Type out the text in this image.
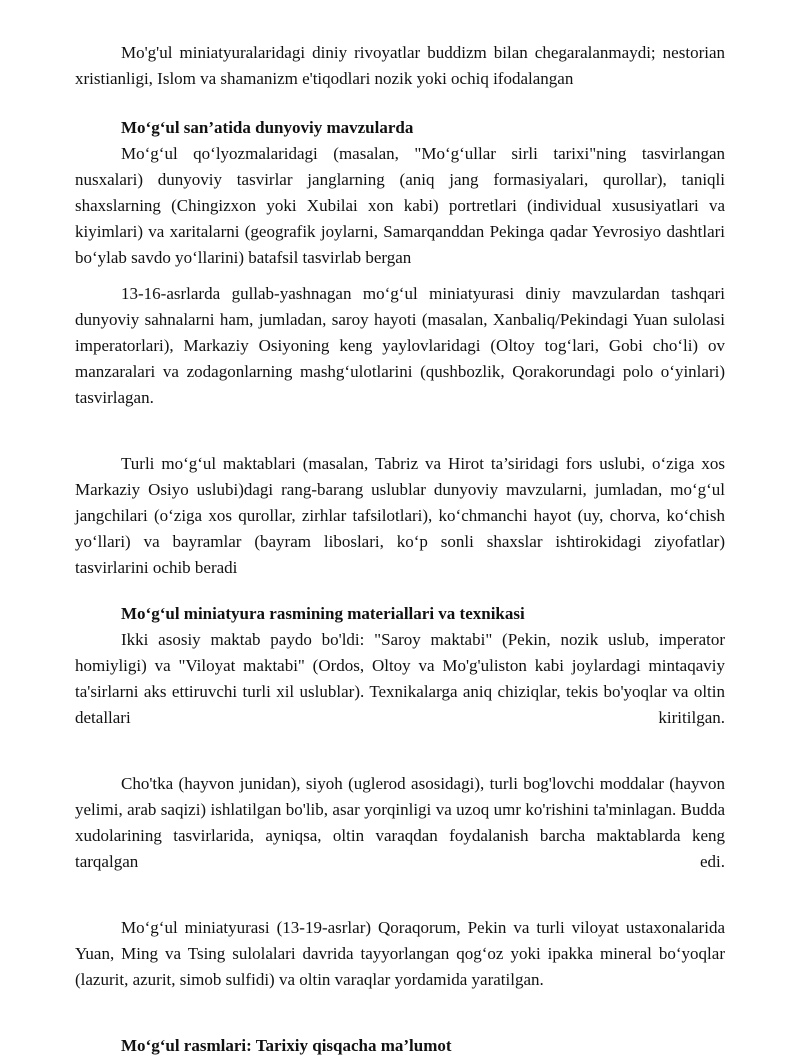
Mo'g'ul miniatyuralaridagi diniy rivoyatlar buddizm bilan chegaralanmaydi; nestorian xristianligi, Islom va shamanizm e'tiqodlari nozik yoki ochiq ifodalangan

Mo‘g‘ul san’atida dunyoviy mavzularda

Mo‘g‘ul qo‘lyozmalaridagi (masalan, "Mo‘g‘ullar sirli tarixi"ning tasvirlangan nusxalari) dunyoviy tasvirlar janglarning (aniq jang formasiyalari, qurollar), taniqli shaxslarning (Chingizxon yoki Xubilai xon kabi) portretlari (individual xususiyatlari va kiyimlari) va xaritalarni (geografik joylarni, Samarqanddan Pekinga qadar Yevrosiyo dashtlari bo‘ylab savdo yo‘llarini) batafsil tasvirlab bergan

13-16-asrlarda gullab-yashnagan mo‘g‘ul miniatyurasi diniy mavzulardan tashqari dunyoviy sahnalarni ham, jumladan, saroy hayoti (masalan, Xanbaliq/Pekindagi Yuan sulolasi imperatorlari), Markaziy Osiyoning keng yaylovlaridagi (Oltoy tog‘lari, Gobi cho‘li) ov manzaralari va zodagonlarning mashg‘ulotlarini (qushbozlik, Qorakorundagi polo o‘yinlari) tasvirlagan.

Turli mo‘g‘ul maktablari (masalan, Tabriz va Hirot ta’siridagi fors uslubi, o‘ziga xos Markaziy Osiyo uslubi)dagi rang-barang uslublar dunyoviy mavzularni, jumladan, mo‘g‘ul jangchilari (o‘ziga xos qurollar, zirhlar tafsilotlari), ko‘chmanchi hayot (uy, chorva, ko‘chish yo‘llari) va bayramlar (bayram liboslari, ko‘p sonli shaxslar ishtirokidagi ziyofatlar) tasvirlarini ochib beradi

Mo‘g‘ul miniatyura rasmining materiallari va texnikasi

Ikki asosiy maktab paydo bo'ldi: "Saroy maktabi" (Pekin, nozik uslub, imperator homiyligi) va "Viloyat maktabi" (Ordos, Oltoy va Mo'g'uliston kabi joylardagi mintaqaviy ta'sirlarni aks ettiruvchi turli xil uslublar). Texnikalarga aniq chiziqlar, tekis bo'yoqlar va oltin detallari kiritilgan.

Cho'tka (hayvon junidan), siyoh (uglerod asosidagi), turli bog'lovchi moddalar (hayvon yelimi, arab saqizi) ishlatilgan bo'lib, asar yorqinligi va uzoq umr ko'rishini ta'minlagan. Budda xudolarining tasvirlarida, ayniqsa, oltin varaqdan foydalanish barcha maktablarda keng tarqalgan edi.

Mo‘g‘ul miniatyurasi (13-19-asrlar) Qoraqorum, Pekin va turli viloyat ustaxonalarida Yuan, Ming va Tsing sulolalari davrida tayyorlangan qog‘oz yoki ipakka mineral bo‘yoqlar (lazurit, azurit, simob sulfidi) va oltin varaqlar yordamida yaratilgan.

Mo‘g‘ul rasmlari: Tarixiy qisqacha ma’lumot
